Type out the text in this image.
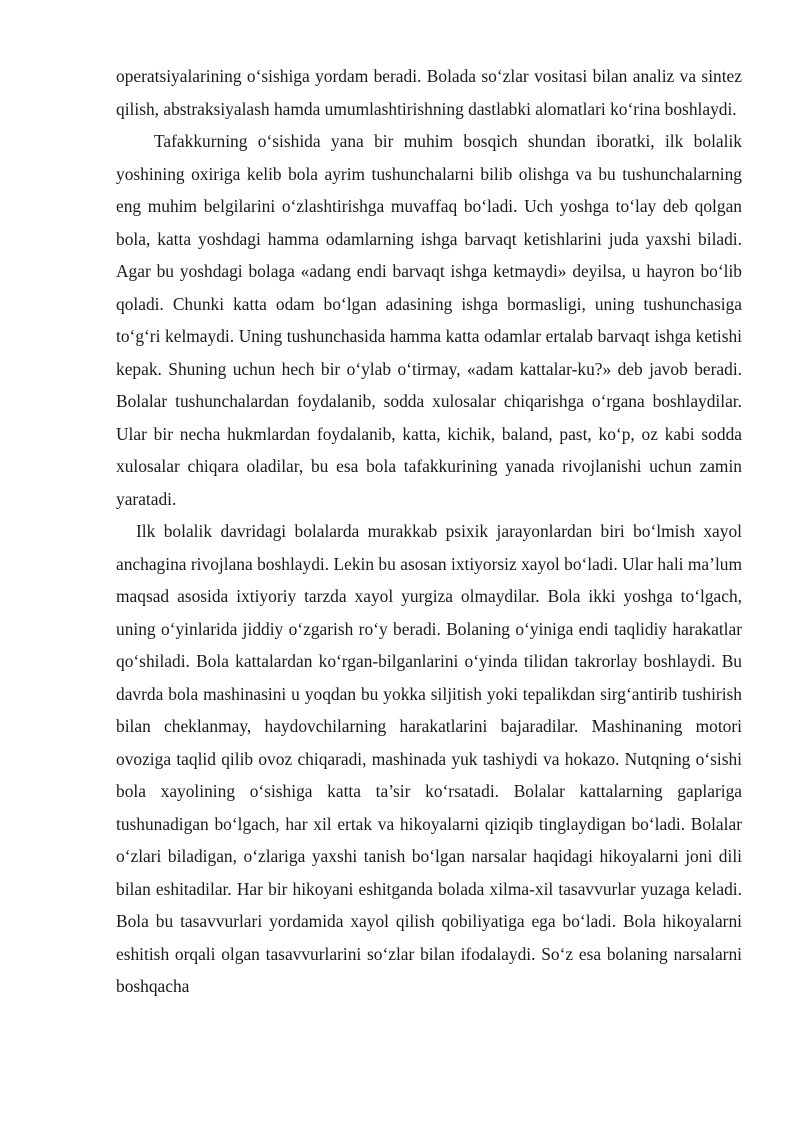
operatsiyalarining o‘sishiga yordam beradi. Bolada so‘zlar vositasi bilan analiz va sintez qilish, abstraksiyalash hamda umumlashtirishning dastlabki alomatlari ko‘rina boshlaydi.

Tafakkurning o‘sishida yana bir muhim bosqich shundan iboratki, ilk bolalik yoshining oxiriga kelib bola ayrim tushunchalarni bilib olishga va bu tushunchalarning eng muhim belgilarini o‘zlashtirishga muvaffaq bo‘ladi. Uch yoshga to‘lay deb qolgan bola, katta yoshdagi hamma odamlarning ishga barvaqt ketishlarini juda yaxshi biladi. Agar bu yoshdagi bolaga «adang endi barvaqt ishga ketmaydi» deyilsa, u hayron bo‘lib qoladi. Chunki katta odam bo‘lgan adasining ishga bormasligi, uning tushunchasiga to‘g‘ri kelmaydi. Uning tushunchasida hamma katta odamlar ertalab barvaqt ishga ketishi kepak. Shuning uchun hech bir o‘ylab o‘tirmay, «adam kattalar-ku?» deb javob beradi. Bolalar tushunchalardan foydalanib, sodda xulosalar chiqarishga o‘rgana boshlaydilar. Ular bir necha hukmlardan foydalanib, katta, kichik, baland, past, ko‘p, oz kabi sodda xulosalar chiqara oladilar, bu esa bola tafakkurining yanada rivojlanishi uchun zamin yaratadi.

Ilk bolalik davridagi bolalarda murakkab psixik jarayonlardan biri bo‘lmish xayol anchagina rivojlana boshlaydi. Lekin bu asosan ixtiyorsiz xayol bo‘ladi. Ular hali ma’lum maqsad asosida ixtiyoriy tarzda xayol yurgiza olmaydilar. Bola ikki yoshga to‘lgach, uning o‘yinlarida jiddiy o‘zgarish ro‘y beradi. Bolaning o‘yiniga endi taqlidiy harakatlar qo‘shiladi. Bola kattalardan ko‘rgan-bilganlarini o‘yinda tilidan takrorlay boshlaydi. Bu davrda bola mashinasini u yoqdan bu yokka siljitish yoki tepalikdan sirg‘antirib tushirish bilan cheklanmay, haydovchilarning harakatlarini bajaradilar. Mashinaning motori ovoziga taqlid qilib ovoz chiqaradi, mashinada yuk tashiydi va hokazo. Nutqning o‘sishi bola xayolining o‘sishiga katta ta’sir ko‘rsatadi. Bolalar kattalarning gaplariga tushunadigan bo‘lgach, har xil ertak va hikoyalarni qiziqib tinglaydigan bo‘ladi. Bolalar o‘zlari biladigan, o‘zlariga yaxshi tanish bo‘lgan narsalar haqidagi hikoyalarni joni dili bilan eshitadilar. Har bir hikoyani eshitganda bolada xilma-xil tasavvurlar yuzaga keladi. Bola bu tasavvurlari yordamida xayol qilish qobiliyatiga ega bo‘ladi. Bola hikoyalarni eshitish orqali olgan tasavvurlarini so‘zlar bilan ifodalaydi. So‘z esa bolaning narsalarni boshqacha
